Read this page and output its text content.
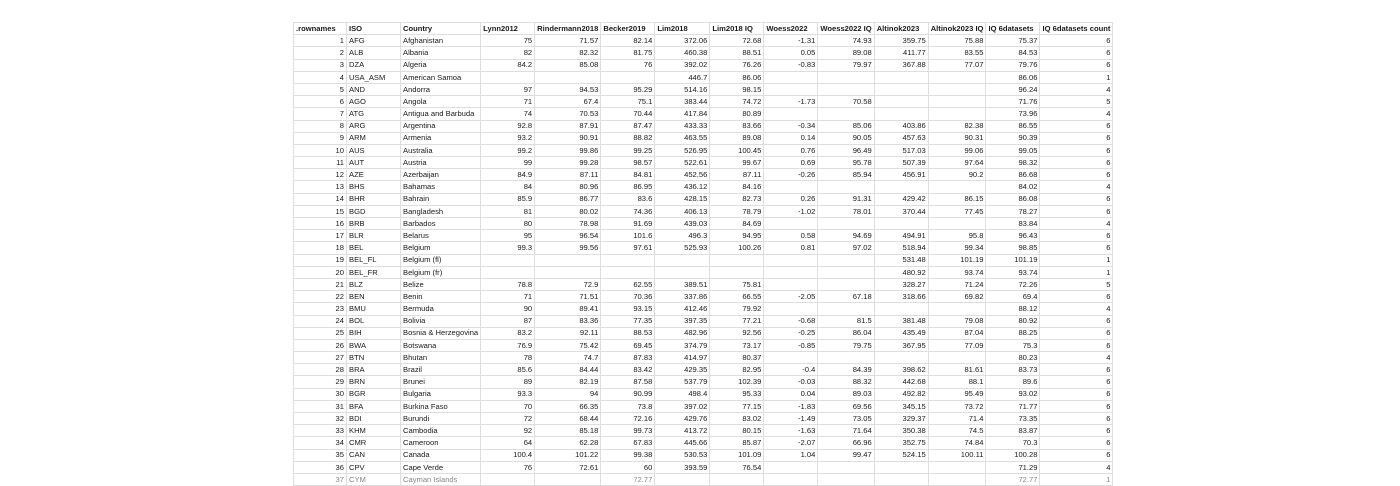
.rownames	ISO	Country	Lynn2012	Rindermann2018	Becker2019	Lim2018	Lim2018 IQ	Woess2022	Woess2022 IQ	Altinok2023	Altinok2023 IQ	IQ 6datasets	IQ 6datasets count
1	AFG	Afghanistan	75	71.57	82.14	372.06	72.68	-1.31	74.93	359.75	75.88	75.37	6
2	ALB	Albania	82	82.32	81.75	460.38	88.51	0.05	89.08	411.77	83.55	84.53	6
3	DZA	Algeria	84.2	85.08	76	392.02	76.26	-0.83	79.97	367.88	77.07	79.76	6
4	USA_ASM	American Samoa				446.7	86.06					86.06	1
5	AND	Andorra	97	94.53	95.29	514.16	98.15					96.24	4
6	AGO	Angola	71	67.4	75.1	383.44	74.72	-1.73	70.58			71.76	5
7	ATG	Antigua and Barbuda	74	70.53	70.44	417.84	80.89					73.96	4
8	ARG	Argentina	92.8	87.91	87.47	433.33	83.66	-0.34	85.06	403.86	82.38	86.55	6
9	ARM	Armenia	93.2	90.91	88.82	463.55	89.08	0.14	90.05	457.63	90.31	90.39	6
10	AUS	Australia	99.2	99.86	99.25	526.95	100.45	0.76	96.49	517.03	99.06	99.05	6
11	AUT	Austria	99	99.28	98.57	522.61	99.67	0.69	95.78	507.39	97.64	98.32	6
12	AZE	Azerbaijan	84.9	87.11	84.81	452.56	87.11	-0.26	85.94	456.91	90.2	86.68	6
13	BHS	Bahamas	84	80.96	86.95	436.12	84.16					84.02	4
14	BHR	Bahrain	85.9	86.77	83.6	428.15	82.73	0.26	91.31	429.42	86.15	86.08	6
15	BGD	Bangladesh	81	80.02	74.36	406.13	78.79	-1.02	78.01	370.44	77.45	78.27	6
16	BRB	Barbados	80	78.98	91.69	439.03	84.69					83.84	4
17	BLR	Belarus	95	96.54	101.6	496.3	94.95	0.58	94.69	494.91	95.8	96.43	6
18	BEL	Belgium	99.3	99.56	97.61	525.93	100.26	0.81	97.02	518.94	99.34	98.85	6
19	BEL_FL	Belgium (fl)								531.48	101.19	101.19	1
20	BEL_FR	Belgium (fr)								480.92	93.74	93.74	1
21	BLZ	Belize	78.8	72.9	62.55	389.51	75.81			328.27	71.24	72.26	5
22	BEN	Benin	71	71.51	70.36	337.86	66.55	-2.05	67.18	318.66	69.82	69.4	6
23	BMU	Bermuda	90	89.41	93.15	412.46	79.92					88.12	4
24	BOL	Bolivia	87	83.36	77.35	397.35	77.21	-0.68	81.5	381.48	79.08	80.92	6
25	BIH	Bosnia & Herzegovina	83.2	92.11	88.53	482.96	92.56	-0.25	86.04	435.49	87.04	88.25	6
26	BWA	Botswana	76.9	75.42	69.45	374.79	73.17	-0.85	79.75	367.95	77.09	75.3	6
27	BTN	Bhutan	78	74.7	87.83	414.97	80.37					80.23	4
28	BRA	Brazil	85.6	84.44	83.42	429.35	82.95	-0.4	84.39	398.62	81.61	83.73	6
29	BRN	Brunei	89	82.19	87.58	537.79	102.39	-0.03	88.32	442.68	88.1	89.6	6
30	BGR	Bulgaria	93.3	94	90.99	498.4	95.33	0.04	89.03	492.82	95.49	93.02	6
31	BFA	Burkina Faso	70	66.35	73.8	397.02	77.15	-1.83	69.56	345.15	73.72	71.77	6
32	BDI	Burundi	72	68.44	72.16	429.76	83.02	-1.49	73.05	329.37	71.4	73.35	6
33	KHM	Cambodia	92	85.18	99.73	413.72	80.15	-1.63	71.64	350.38	74.5	83.87	6
34	CMR	Cameroon	64	62.28	67.83	445.66	85.87	-2.07	66.96	352.75	74.84	70.3	6
35	CAN	Canada	100.4	101.22	99.38	530.53	101.09	1.04	99.47	524.15	100.11	100.28	6
36	CPV	Cape Verde	76	72.61	60	393.59	76.54					71.29	4
37	CYM	Cayman Islands			72.77							72.77	1
